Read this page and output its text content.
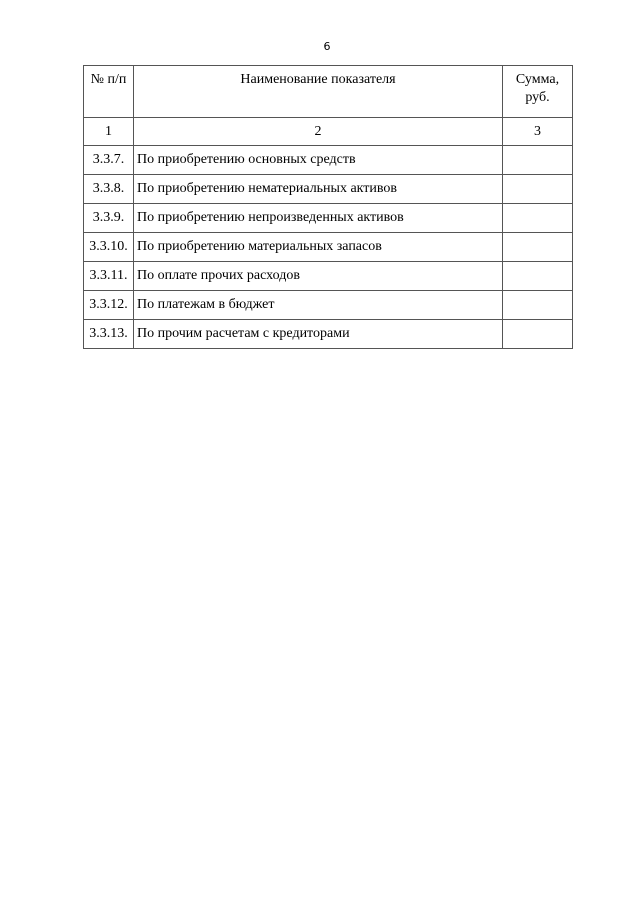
6
№ п/п	Наименование показателя	Сумма, руб.
1	2	3
3.3.7.	По приобретению основных средств	
3.3.8.	По приобретению нематериальных активов	
3.3.9.	По приобретению непроизведенных активов	
3.3.10.	По приобретению материальных запасов	
3.3.11.	По оплате прочих расходов	
3.3.12.	По платежам в бюджет	
3.3.13.	По прочим расчетам с кредиторами	
